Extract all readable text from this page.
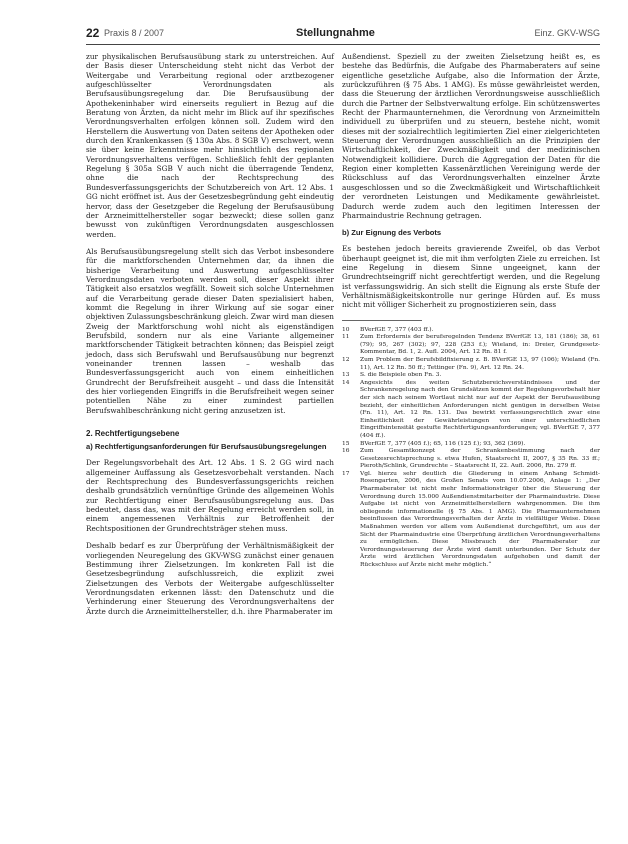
22 Praxis 8 / 2007	Stellungnahme	Einz. GKV-WSG

zur physikalischen Berufsausübung stark zu unterstreichen. Auf der Basis dieser Unterscheidung steht nicht das Verbot der Weitergabe und Verarbeitung regional oder arztbezogener aufgeschlüsselter Verordnungsdaten als Berufsausübungsregelung dar. Die Berufsausübung der Apothekeninhaber wird einerseits reguliert in Bezug auf die Beratung von Ärzten, da nicht mehr im Blick auf ihr spezifisches Verordnungsverhalten erfolgen können soll. Zudem wird den Herstellern die Auswertung von Daten seitens der Apotheken oder durch den Krankenkassen (§ 130a Abs. 8 SGB V) erschwert, wenn sie über keine Erkenntnisse mehr hinsichtlich des regionalen Verordnungsverhaltens verfügen. Schließlich fehlt der geplanten Regelung § 305a SGB V auch nicht die überragende Tendenz, ohne die nach der Rechtsprechung des Bundesverfassungsgerichts der Schutzbereich von Art. 12 Abs. 1 GG nicht eröffnet ist. Aus der Gesetzesbegründung geht eindeutig hervor, dass der Gesetzgeber die Regelung der Berufsausübung der Arzneimittelhersteller sogar bezweckt; diese sollen ganz bewusst von zukünftigen Verordnungsdaten ausgeschlossen werden.

Als Berufsausübungsregelung stellt sich das Verbot insbesondere für die marktforschenden Unternehmen dar, da ihnen die bisherige Verarbeitung und Auswertung aufgeschlüsselter Verordnungsdaten verboten werden soll, dieser Aspekt ihrer Tätigkeit also ersatzlos wegfällt. Soweit sich solche Unternehmen auf die Verarbeitung gerade dieser Daten spezialisiert haben, kommt die Regelung in ihrer Wirkung auf sie sogar einer objektiven Zulassungsbeschränkung gleich. Zwar wird man diesen Zweig der Marktforschung wohl nicht als eigenständigen Berufsbild, sondern nur als eine Variante allgemeiner marktforschender Tätigkeit betrachten können; das Beispiel zeigt jedoch, dass sich Berufswahl und Berufsausübung nur begrenzt voneinander trennen lassen – weshalb das Bundesverfassungsgericht auch von einem einheitlichen Grundrecht der Berufsfreiheit ausgeht – und dass die Intensität des hier vorliegenden Eingriffs in die Berufsfreiheit wegen seiner potentiellen Nähe zu einer zumindest partiellen Berufswahlbeschränkung nicht gering anzusetzen ist.

2. Rechtfertigungsebene
a) Rechtfertigungsanforderungen für Berufsausübungsregelungen

Der Regelungsvorbehalt des Art. 12 Abs. 1 S. 2 GG wird nach allgemeiner Auffassung als Gesetzesvorbehalt verstanden. Nach der Rechtsprechung des Bundesverfassungsgerichts reichen deshalb grundsätzlich vernünftige Gründe des allgemeinen Wohls zur Rechtfertigung einer Berufsausübungsregelung aus. Das bedeutet, dass das, was mit der Regelung erreicht werden soll, in einem angemessenen Verhältnis zur Betroffenheit der Rechtspositionen der Grundrechtsträger stehen muss.

Deshalb bedarf es zur Überprüfung der Verhältnismäßigkeit der vorliegenden Neuregelung des GKV-WSG zunächst einer genauen Bestimmung ihrer Zielsetzungen. Im konkreten Fall ist die Gesetzesbegründung aufschlussreich, die explizit zwei Zielsetzungen des Verbots der Weitergabe aufgeschlüsselter Verordnungsdaten erkennen lässt: den Datenschutz und die Verhinderung einer Steuerung des Verordnungsverhaltens der Ärzte durch die Arzneimittelhersteller, d.h. ihre Pharmaberater im

Außendienst. Speziell zu der zweiten Zielsetzung heißt es, es bestehe das Bedürfnis, die Aufgabe des Pharmaberaters auf seine eigentliche gesetzliche Aufgabe, also die Information der Ärzte, zurückzuführen (§ 75 Abs. 1 AMG). Es müsse gewährleistet werden, dass die Steuerung der ärztlichen Verordnungsweise ausschließlich durch die Partner der Selbstverwaltung erfolge. Ein schützenswertes Recht der Pharmaunternehmen, die Verordnung von Arzneimitteln individuell zu überprüfen und zu steuern, bestehe nicht, womit dieses mit der sozialrechtlich legitimierten Ziel einer zielgerichteten Steuerung der Verordnungen ausschließlich an die Prinzipien der Wirtschaftlichkeit, der Zweckmäßigkeit und der medizinischen Notwendigkeit kollidiere. Durch die Aggregation der Daten für die Region einer kompletten Kassenärztlichen Vereinigung werde der Rückschluss auf das Verordnungsverhalten einzelner Ärzte ausgeschlossen und so die Zweckmäßigkeit und Wirtschaftlichkeit der verordneten Leistungen und Medikamente gewährleistet. Dadurch werde zudem auch den legitimen Interessen der Pharmaindustrie Rechnung getragen.

b) Zur Eignung des Verbots

Es bestehen jedoch bereits gravierende Zweifel, ob das Verbot überhaupt geeignet ist, die mit ihm verfolgten Ziele zu erreichen. Ist eine Regelung in diesem Sinne ungeeignet, kann der Grundrechtseingriff nicht gerechtfertigt werden, und die Regelung ist verfassungswidrig. An sich stellt die Eignung als erste Stufe der Verhältnismäßigkeitskontrolle nur geringe Hürden auf. Es muss nicht mit völliger Sicherheit zu prognostizieren sein, dass

10	BVerfGE 7, 377 (403 ff.).
11	Zum Erfordernis der berufsregelnden Tendenz BVerfGE 13, 181 (186); 38, 61 (79); 95, 267 (302); 97, 228 (253 f.); Wieland, in: Dreier, Grundgesetz-Kommentar, Bd. 1, 2. Aufl. 2004, Art. 12 Rn. 81 f.
12	Zum Problem der Berufsbildfixierung z. B. BVerfGE 13, 97 (106); Wieland (Fn. 11), Art. 12 Rn. 50 ff.; Tettinger (Fn. 9), Art. 12 Rn. 24.
13	S. die Beispiele oben Fn. 3.
14	Angesichts des weiten Schutzbereichsverständnisses und der Schrankenregelung nach den Grundsätzen kommt der Regelungsvorbehalt hier der sich nach seinem Wortlaut nicht nur auf der Aspekt der Berufsausübung bezieht, der einheitlichen Anforderungen nicht genügen in derselben Weise (Fn. 11), Art. 12 Rn. 131. Das bewirkt verfassungsrechtlich zwar eine Einheitlichkeit der Gewährleistungen von einer unterschiedlichen Eingriffsintensität gestufte Rechtfertigungsanforderungen; vgl. BVerfGE 7, 377 (404 ff.).
15	BVerfGE 7, 377 (405 f.); 65, 116 (125 f.); 93, 362 (369).
16	Zum Gesamtkonzept der Schrankenbestimmung nach der Gesetzesrechtsprechung s. etwa Hufen, Staatsrecht II, 2007, § 35 Rn. 33 ff.; Pieroth/Schlink, Grundrechte – Staatsrecht II, 22. Aufl. 2006, Rn. 279 ff.
17	Vgl. hierzu sehr deutlich die Gliederung in einem Anhang Schmidt-Rosengarten, 2006, des Großen Senats vom 10.07.2006, Anlage 1: „Der Pharmaberater ist nicht mehr Informationsträger über die Steuerung der Verordnung durch 15.000 Außendienstmitarbeiter der Pharmaindustrie. Diese Aufgabe ist nicht von Arzneimittelherstellern wahrgenommen. Die ihm obliegende informationelle (§ 75 Abs. 1 AMG). Die Pharmaunternehmen beeinflussen das Verordnungsverhalten der Ärzte in vielfältiger Weise. Diese Maßnahmen werden vor allem vom Außendienst durchgeführt, um aus der Sicht der Pharmaindustrie eine Überprüfung ärztlichen Verordnungsverhaltens zu ermöglichen. Diese Missbrauch der Pharmaberater zur Verordnungssteuerung der Ärzte wird damit unterbunden. Der Schutz der Ärzte wird ärztlichen Verordnungsdaten aufgehoben und damit der Rückschluss auf Ärzte nicht mehr möglich.“
